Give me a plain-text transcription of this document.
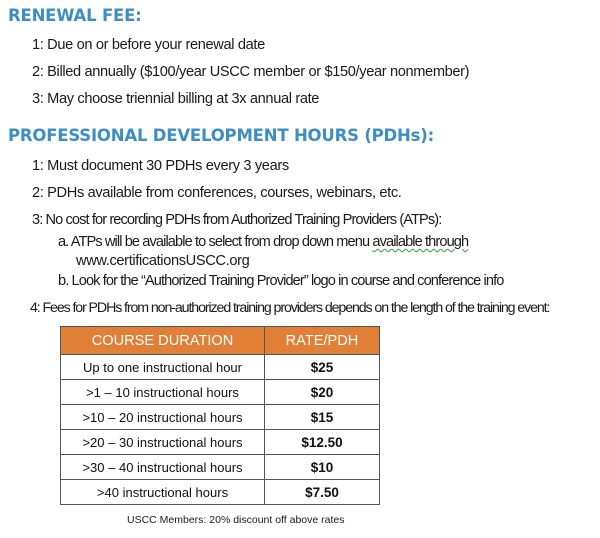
RENEWAL FEE:

1: Due on or before your renewal date

2: Billed annually ($100/year USCC member or $150/year nonmember)

3: May choose triennial billing at 3x annual rate

PROFESSIONAL DEVELOPMENT HOURS (PDHs):

1: Must document 30 PDHs every 3 years

2: PDHs available from conferences, courses, webinars, etc.

3: No cost for recording PDHs from Authorized Training Providers (ATPs):

a. ATPs will be available to select from drop down menu available through

www.certificationsUSCC.org

b. Look for the “Authorized Training Provider” logo in course and conference info

4: Fees for PDHs from non-authorized training providers depends on the length of the training event:

COURSE DURATION	RATE/PDH
Up to one instructional hour	$25
>1 – 10 instructional hours	$20
>10 – 20 instructional hours	$15
>20 – 30 instructional hours	$12.50
>30 – 40 instructional hours	$10
>40 instructional hours	$7.50

USCC Members: 20% discount off above rates
